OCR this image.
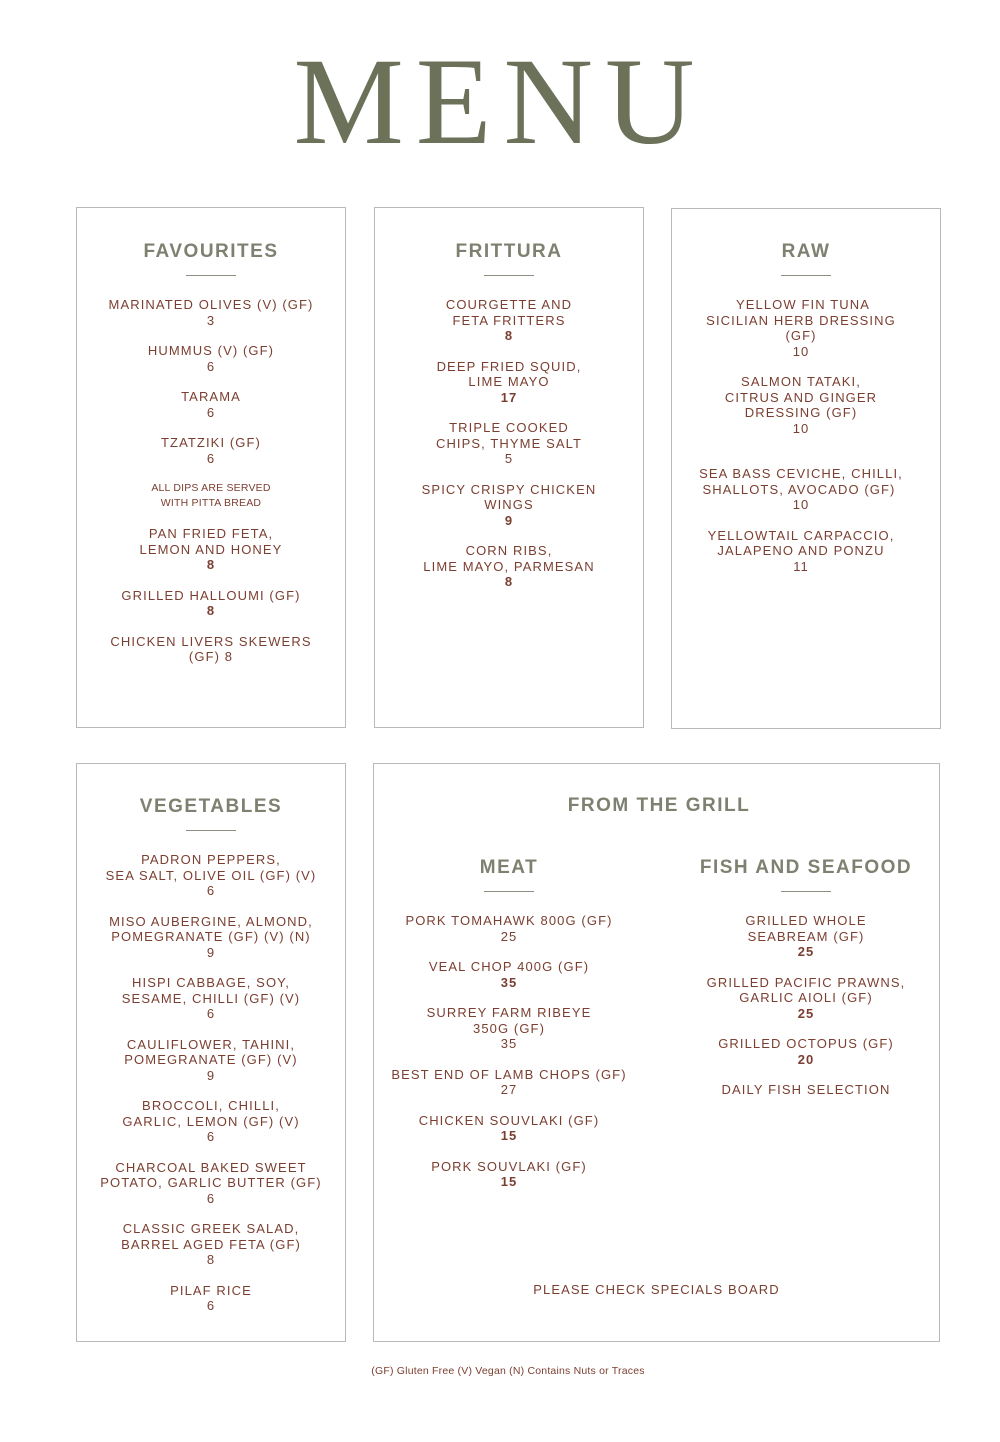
MENU
FAVOURITES
MARINATED OLIVES (V) (GF)
3
HUMMUS (V) (GF)
6
TARAMA
6
TZATZIKI (GF)
6
ALL DIPS ARE SERVED
WITH PITTA BREAD
PAN FRIED FETA,
LEMON AND HONEY
8
GRILLED HALLOUMI (GF)
8
CHICKEN LIVERS SKEWERS
(GF) 8
FRITTURA
COURGETTE AND
FETA FRITTERS
8
DEEP FRIED SQUID,
LIME MAYO
17
TRIPLE COOKED
CHIPS, THYME SALT
5
SPICY CRISPY CHICKEN
WINGS
9
CORN RIBS,
LIME MAYO, PARMESAN
8
RAW
YELLOW FIN TUNA
SICILIAN HERB DRESSING
(GF)
10
SALMON TATAKI,
CITRUS AND GINGER
DRESSING (GF)
10
SEA BASS CEVICHE, CHILLI,
SHALLOTS, AVOCADO (GF)
10
YELLOWTAIL CARPACCIO,
JALAPENO AND PONZU
11
VEGETABLES
PADRON PEPPERS,
SEA SALT, OLIVE OIL (GF) (V)
6
MISO AUBERGINE, ALMOND,
POMEGRANATE (GF) (V) (N)
9
HISPI CABBAGE, SOY,
SESAME, CHILLI (GF) (V)
6
CAULIFLOWER, TAHINI,
POMEGRANATE (GF) (V)
9
BROCCOLI, CHILLI,
GARLIC, LEMON (GF) (V)
6
CHARCOAL BAKED SWEET
POTATO, GARLIC BUTTER (GF)
6
CLASSIC GREEK SALAD,
BARREL AGED FETA (GF)
8
PILAF RICE
6
FROM THE GRILL
MEAT
PORK TOMAHAWK 800G (GF)
25
VEAL CHOP 400G (GF)
35
SURREY FARM RIBEYE
350G (GF)
35
BEST END OF LAMB CHOPS (GF)
27
CHICKEN SOUVLAKI (GF)
15
PORK SOUVLAKI (GF)
15
FISH AND SEAFOOD
GRILLED WHOLE
SEABREAM (GF)
25
GRILLED PACIFIC PRAWNS,
GARLIC AIOLI (GF)
25
GRILLED OCTOPUS (GF)
20
DAILY FISH SELECTION
PLEASE CHECK SPECIALS BOARD
(GF) Gluten Free (V) Vegan (N) Contains Nuts or Traces
